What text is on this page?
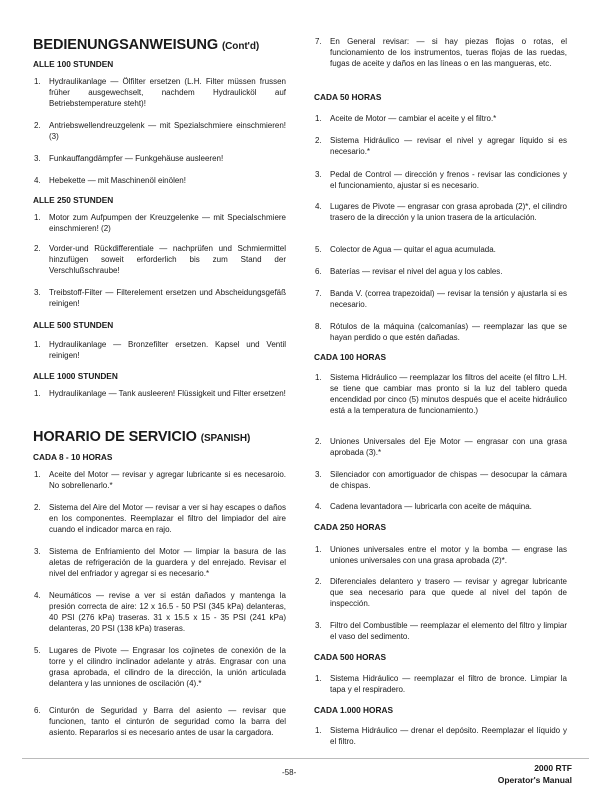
BEDIENUNGSANWEISUNG (Cont'd)
ALLE 100 STUNDEN
1. Hydraulikanlage — Ölfilter ersetzen (L.H. Filter müssen frussen früher ausgewechselt, nachdem Hydraulicköl auf Betriebstemperature steht)!
2. Antriebswellendreuzgelenk — mit Spezialschmiere einschmieren! (3)
3. Funkauffangdämpfer — Funkgehäuse ausleeren!
4. Hebekette — mit Maschinenöl einölen!
ALLE 250 STUNDEN
1. Motor zum Aufpumpen der Kreuzgelenke — mit Specialschmiere einschmieren! (2)
2. Vorder-und Rückdifferentiale — nachprüfen und Schmiermittel hinzufügen soweit erforderlich bis zum Stand der Verschlußschraube!
3. Treibstoff-Filter — Filterelement ersetzen und Abscheidungsgefäß reinigen!
ALLE 500 STUNDEN
1. Hydraulikanlage — Bronzefilter ersetzen. Kapsel und Ventil reinigen!
ALLE 1000 STUNDEN
1. Hydraulikanlage — Tank ausleeren! Flüssigkeit und Filter ersetzen!
HORARIO DE SERVICIO (SPANISH)
CADA 8 - 10 HORAS
1. Aceite del Motor — revisar y agregar lubricante si es necesaroio. No sobrellenarlo.*
2. Sistema del Aire del Motor — revisar a ver si hay escapes o daños en los componentes. Reemplazar el filtro del limpiador del aire cuando el indicador marca en rajo.
3. Sistema de Enfriamiento del Motor — limpiar la basura de las aletas de refrigeración de la guardera y del enrejado. Revisar el nivel del enfriador y agregar si es necesario.*
4. Neumáticos — revise a ver si están dañados y mantenga la presión correcta de aire: 12 x 16.5 - 50 PSI (345 kPa) delanteras, 40 PSI (276 kPa) traseras. 31 x 15.5 x 15 - 35 PSI (241 kPa) delanteras, 20 PSI (138 kPa) traseras.
5. Lugares de Pivote — Engrasar los cojinetes de conexión de la torre y el cilindro inclinador adelante y atrás. Engrasar con una grasa aprobada, el cilindro de la dirección, la unión articulada delantera y las unniones de oscilación (4).*
6. Cinturón de Seguridad y Barra del asiento — revisar que funcionen, tanto el cinturón de seguridad como la barra del asiento. Repararlos si es necesario antes de usar la cargadora.
7. En General revisar: — si hay piezas flojas o rotas, el funcionamiento de los instrumentos, tueras flojas de las ruedas, fugas de aceite y daños en las líneas o en las mangueras, etc.
CADA 50 HORAS
1. Aceite de Motor — cambiar el aceite y el filtro.*
2. Sistema Hidráulico — revisar el nivel y agregar líquido si es necesario.*
3. Pedal de Control — dirección y frenos - revisar las condiciones y el funcionamiento, ajustar si es necesario.
4. Lugares de Pivote — engrasar con grasa aprobada (2)*, el cilindro trasero de la dirección y la union trasera de la articulación.
5. Colector de Agua — quitar el agua acumulada.
6. Baterías — revisar el nivel del agua y los cables.
7. Banda V. (correa trapezoidal) — revisar la tensión y ajustarla si es necesario.
8. Rótulos de la máquina (calcomanías) — reemplazar las que se hayan perdido o que estén dañadas.
CADA 100 HORAS
1. Sistema Hidráulico — reemplazar los filtros del aceite (el filtro L.H. se tiene que cambiar mas pronto si la luz del tablero queda encendidad por cinco (5) minutos después que el aceite hidráulico está a la temperatura de funcionamiento.)
2. Uniones Universales del Eje Motor — engrasar con una grasa aprobada (3).*
3. Silenciador con amortiguador de chispas — desocupar la cámara de chispas.
4. Cadena levantadora — lubricarla con aceite de máquina.
CADA 250 HORAS
1. Uniones universales entre el motor y la bomba — engrase las uniones universales con una grasa aprobada (2)*.
2. Diferenciales delantero y trasero — revisar y agregar lubricante que sea necesario para que quede al nivel del tapón de inspección.
3. Filtro del Combustible — reemplazar el elemento del filtro y limpiar el vaso del sedimento.
CADA 500 HORAS
1. Sistema Hidráulico — reemplazar el filtro de bronce. Limpiar la tapa y el respiradero.
CADA 1.000 HORAS
1. Sistema Hidráulico — drenar el depósito. Reemplazar el líquido y el filtro.
-58-	2000 RTF
Operator's Manual
